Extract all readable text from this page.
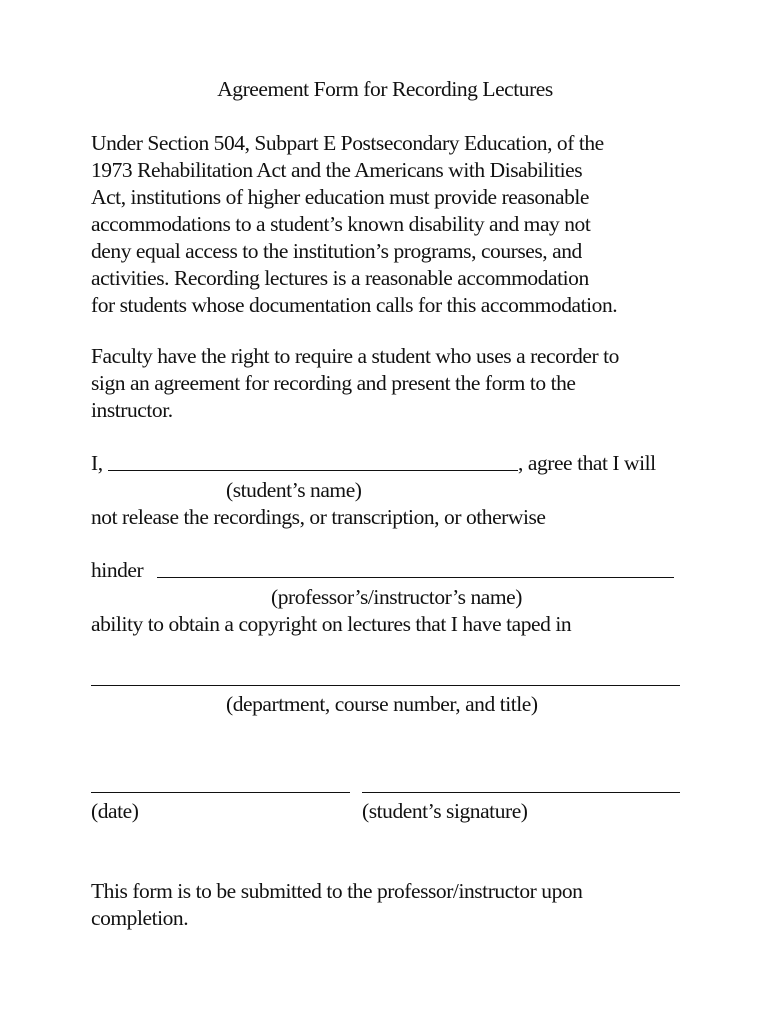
Agreement Form for Recording Lectures

Under Section 504, Subpart E Postsecondary Education, of the
1973 Rehabilitation Act and the Americans with Disabilities
Act, institutions of higher education must provide reasonable
accommodations to a student’s known disability and may not
deny equal access to the institution’s programs, courses, and
activities. Recording lectures is a reasonable accommodation
for students whose documentation calls for this accommodation.

Faculty have the right to require a student who uses a recorder to
sign an agreement for recording and present the form to the
instructor.

I,	, agree that I will
(student’s name)
not release the recordings, or transcription, or otherwise
hinder
(professor’s/instructor’s name)
ability to obtain a copyright on lectures that I have taped in
(department, course number, and title)
(date)	(student’s signature)

This form is to be submitted to the professor/instructor upon
completion.
